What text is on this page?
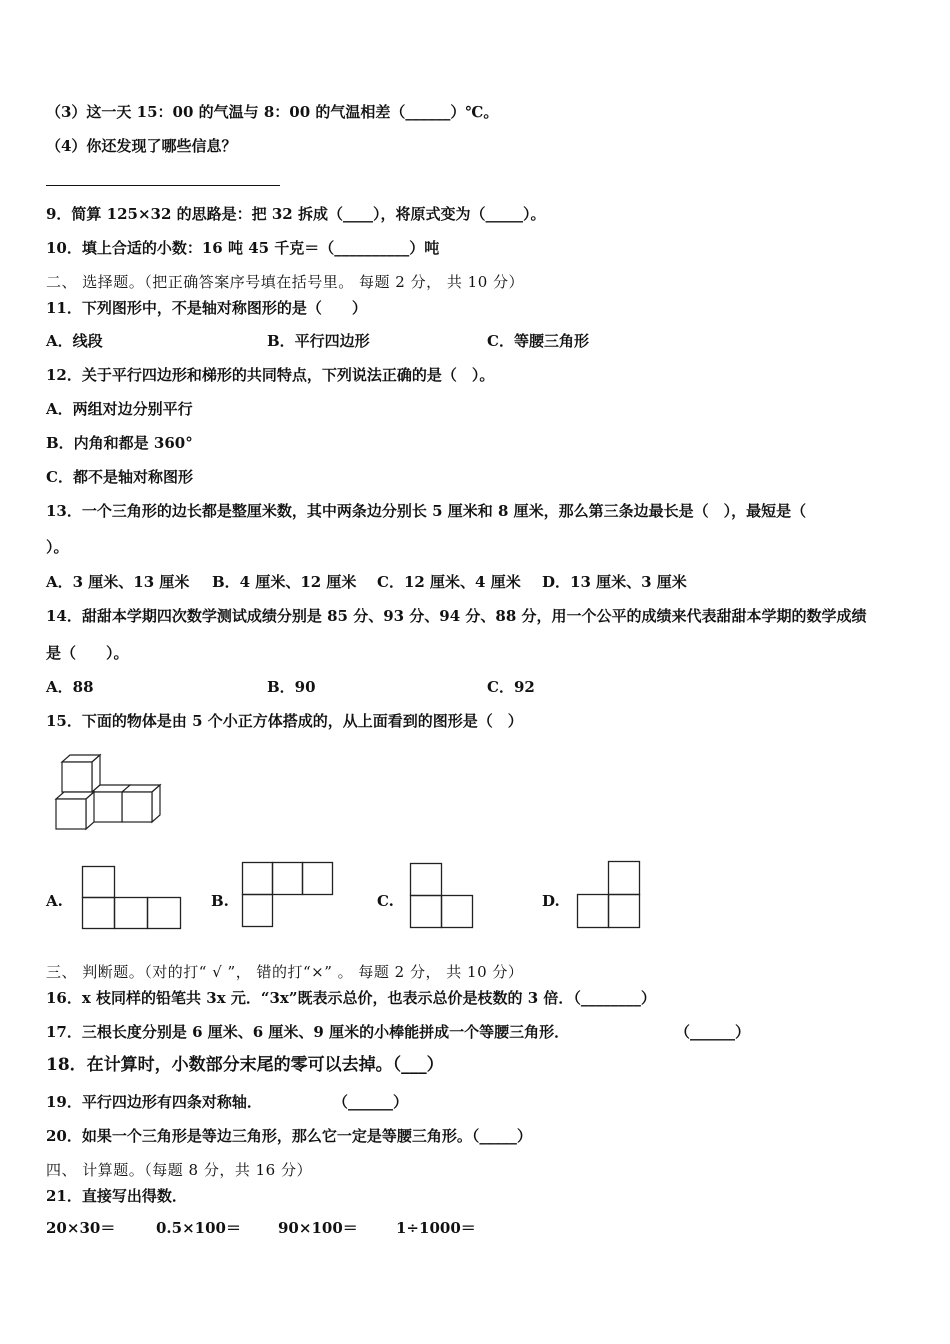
（3）这一天 15：00 的气温与 8：00 的气温相差（______）℃。
（4）你还发现了哪些信息？
9．简算 125×32 的思路是：把 32 拆成（____），将原式变为（_____）。
10．填上合适的小数：16 吨 45 千克＝（__________）吨
二、 选择题。（把正确答案序号填在括号里。 每题 2 分， 共 10 分）
11．下列图形中，不是轴对称图形的是（　　）
A．线段	B．平行四边形	C．等腰三角形
12．关于平行四边形和梯形的共同特点，下列说法正确的是（　）。
A．两组对边分别平行
B．内角和都是 360°
C．都不是轴对称图形
13．一个三角形的边长都是整厘米数，其中两条边分别长 5 厘米和 8 厘米，那么第三条边最长是（　），最短是（
）。
A．3 厘米、13 厘米 B．4 厘米、12 厘米 C．12 厘米、4 厘米 D．13 厘米、3 厘米
14．甜甜本学期四次数学测试成绩分别是 85 分、93 分、94 分、88 分，用一个公平的成绩来代表甜甜本学期的数学成绩
是（　　）。
A．88	B．90	C．92
15．下面的物体是由 5 个小正方体搭成的，从上面看到的图形是（　）
A.	B.	C.	D.
三、 判断题。（对的打“ √ ”， 错的打“×” 。 每题 2 分， 共 10 分）
16．x 枝同样的铅笔共 3x 元．“3x”既表示总价，也表示总价是枝数的 3 倍．（________）
17．三根长度分别是 6 厘米、6 厘米、9 厘米的小棒能拼成一个等腰三角形．	（______）
18．在计算时，小数部分末尾的零可以去掉。（___）
19．平行四边形有四条对称轴．	（______）
20．如果一个三角形是等边三角形，那么它一定是等腰三角形。（_____）
四、 计算题。（每题 8 分，共 16 分）
21．直接写出得数．
20×30＝	0.5×100＝ 90×100＝	1÷1000＝
